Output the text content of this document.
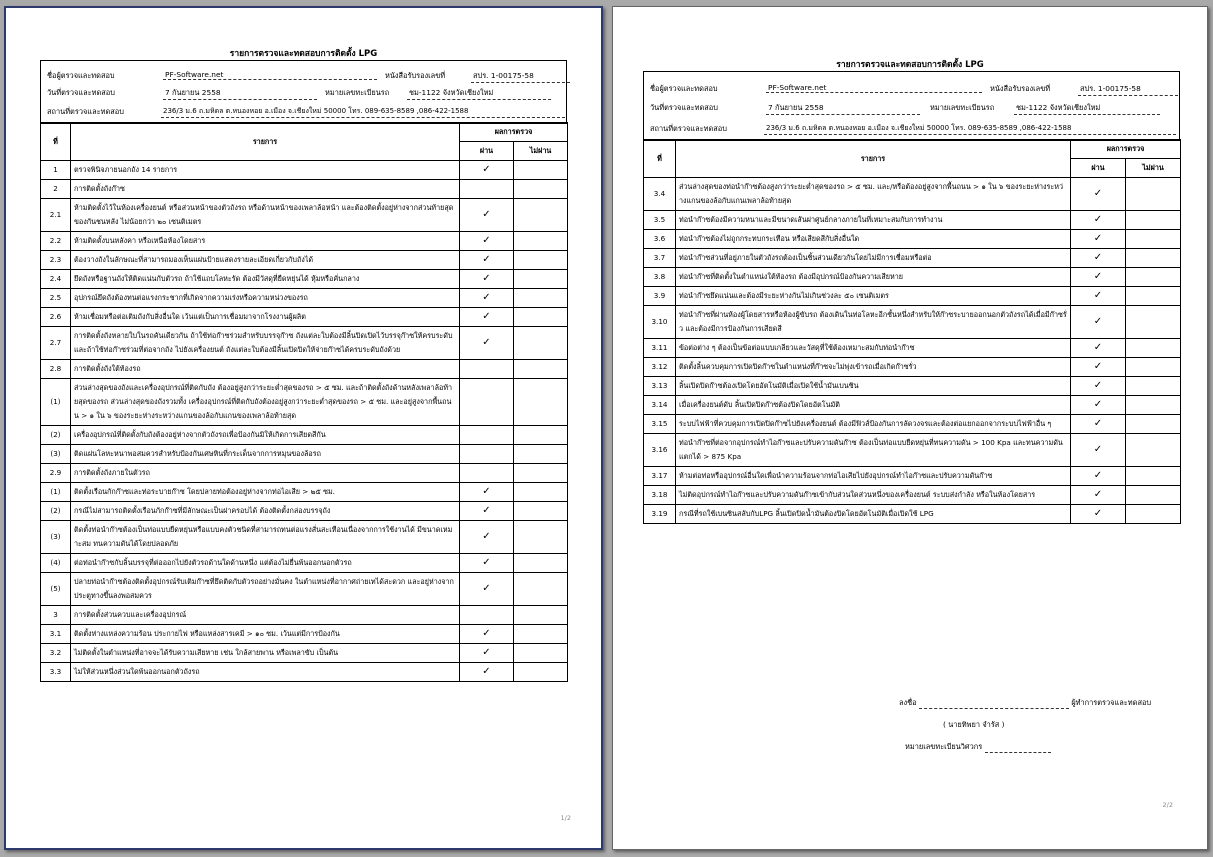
รายการตรวจและทดสอบการติดตั้ง LPG
ชื่อผู้ตรวจและทดสอบ	PF-Software.net	หนังสือรับรองเลขที่	สปร. 1-00175-58
วันที่ตรวจและทดสอบ	7 กันยายน 2558	หมายเลขทะเบียนรถ	ชม-1122 จังหวัดเชียงใหม่
สถานที่ตรวจและทดสอบ	236/3 ม.6 ถ.มหิดล ต.หนองหอย อ.เมือง จ.เชียงใหม่ 50000 โทร. 089-635-8589 ,086-422-1588
ที่	รายการ	ผลการตรวจ	
		ผ่าน	ไม่ผ่าน
1	ตรวจพินิจภายนอกถัง 14 รายการ	✓	
2	การติดตั้งถังก๊าซ		
2.1	ห้ามติดตั้งไว้ในห้องเครื่องยนต์ หรือส่วนหน้าของตัวถังรถ หรือด้านหน้าของเพลาล้อหน้า และต้องติดตั้งอยู่ห่างจากส่วนท้ายสุดของกันชนหลัง ไม่น้อยกว่า ๒๐ เซนติเมตร	✓	
2.2	ห้ามติดตั้งบนหลังคา หรือเหนือห้องโดยสาร	✓	
2.3	ต้องวางถังในลักษณะที่สามารถมองเห็นแผ่นป้ายแสดงรายละเอียดเกี่ยวกับถังได้	✓	
2.4	ยึดถังหรือฐานถังให้ติดแน่นกับตัวรถ ถ้าใช้แถบโลหะรัด ต้องมีวัสดุที่ยืดหยุ่นได้ หุ้มหรือคั่นกลาง	✓	
2.5	อุปกรณ์ยึดถังต้องทนต่อแรงกระชากที่เกิดจากความเร่งหรือความหน่วงของรถ	✓	
2.6	ห้ามเชื่อมหรือต่อเติมถังกับสิ่งอื่นใด เว้นแต่เป็นการเชื่อมมาจากโรงงานผู้ผลิต	✓	
2.7	การติดตั้งถังหลายใบในรถคันเดียวกัน ถ้าใช้ท่อก๊าซร่วมสำหรับบรรจุก๊าซ ถังแต่ละใบต้องมีลิ้นปิดเปิดไว้บรรจุก๊าซให้ครบระดับ และถ้าใช้ท่อก๊าซร่วมที่ต่อจากถัง ไปยังเครื่องยนต์ ถังแต่ละใบต้องมีลิ้นเปิดปิดให้จ่ายก๊าซได้ครบระดับถังด้วย	✓	
2.8	การติดตั้งถังใต้ท้องรถ		
(1)	ส่วนล่างสุดของถังและเครื่องอุปกรณ์ที่ติดกับถัง ต้องอยู่สูงกว่าระยะต่ำสุดของรถ > ๕ ซม. และถ้าติดตั้งถังด้านหลังเพลาล้อท้ายสุดของรถ ส่วนล่างสุดของถังรวมทั้ง เครื่องอุปกรณ์ที่ติดกับถังต้องอยู่สูงกว่าระยะต่ำสุดของรถ > ๕ ซม. และอยู่สูงจากพื้นถนน > ๑ ใน ๖ ของระยะห่างระหว่างแกนของล้อกับแกนของเพลาล้อท้ายสุด		
(2)	เครื่องอุปกรณ์ที่ติดตั้งกับถังต้องอยู่ห่างจากตัวถังรถเพื่อป้องกันมิให้เกิดการเสียดสีกัน		
(3)	ติดแผ่นโลหะหนาพอสมควรสำหรับป้องกันเศษหินที่กระเด็นจากการหมุนของล้อรถ		
2.9	การติดตั้งถังภายในตัวรถ		
(1)	ติดตั้งเรือนกักก๊าซและท่อระบายก๊าซ โดยปลายท่อต้องอยู่ห่างจากท่อไอเสีย > ๒๕ ซม.	✓	
(2)	กรณีไม่สามารถติดตั้งเรือนกักก๊าซที่มีลักษณะเป็นฝาครอบได้ ต้องติดตั้งกล่องบรรจุถัง	✓	
(3)	ติดตั้งท่อนำก๊าซต้องเป็นท่อแบบยืดหยุ่นหรือแบบคงตัวชนิดที่สามารถทนต่อแรงสั่นสะเทือนเนื่องจากการใช้งานได้ มีขนาดเหมาะสม ทนความดันได้โดยปลอดภัย	✓	
(4)	ต่อท่อนำก๊าซกับลิ้นบรรจุที่ต่อออกไปยังตัวรถด้านใดด้านหนึ่ง แต่ต้องไม่ยื่นพ้นออกนอกตัวรถ	✓	
(5)	ปลายท่อนำก๊าซต้องติดตั้งอุปกรณ์รับเติมก๊าซที่ยึดติดกับตัวรถอย่างมั่นคง ในตำแหน่งที่อากาศถ่ายเทได้สะดวก และอยู่ห่างจากประตูทางขึ้นลงพอสมควร	✓	
3	การติดตั้งส่วนควบและเครื่องอุปกรณ์		
3.1	ติดตั้งห่างแหล่งความร้อน ประกายไฟ หรือแหล่งสารเคมี > ๑๐ ซม. เว้นแต่มีการป้องกัน	✓	
3.2	ไม่ติดตั้งในตำแหน่งที่อาจจะได้รับความเสียหาย เช่น ใกล้สายพาน หรือเพลาขับ เป็นต้น	✓	
3.3	ไม่ให้ส่วนหนึ่งส่วนใดพ้นออกนอกตัวถังรถ	✓	
1/2
รายการตรวจและทดสอบการติดตั้ง LPG
ชื่อผู้ตรวจและทดสอบ	PF-Software.net	หนังสือรับรองเลขที่	สปร. 1-00175-58
วันที่ตรวจและทดสอบ	7 กันยายน 2558	หมายเลขทะเบียนรถ	ชม-1122 จังหวัดเชียงใหม่
สถานที่ตรวจและทดสอบ	236/3 ม.6 ถ.มหิดล ต.หนองหอย อ.เมือง จ.เชียงใหม่ 50000 โทร. 089-635-8589 ,086-422-1588
ที่	รายการ	ผลการตรวจ	
		ผ่าน	ไม่ผ่าน
3.4	ส่วนล่างสุดของท่อนำก๊าซต้องสูงกว่าระยะต่ำสุดของรถ > ๕ ซม. และ/หรือต้องอยู่สูงจากพื้นถนน > ๑ ใน ๖ ของระยะห่างระหว่างแกนของล้อกับแกนเพลาล้อท้ายสุด	✓	
3.5	ท่อนำก๊าซต้องมีความหนาและมีขนาดเส้นผ่าศูนย์กลางภายในที่เหมาะสมกับการทำงาน	✓	
3.6	ท่อนำก๊าซต้องไม่ถูกกระทบกระเทือน หรือเสียดสีกับสิ่งอื่นใด	✓	
3.7	ท่อนำก๊าซส่วนที่อยู่ภายในตัวถังรถต้องเป็นชิ้นส่วนเดียวกันโดยไม่มีการเชื่อมหรือต่อ	✓	
3.8	ท่อนำก๊าซที่ติดตั้งในตำแหน่งใต้ท้องรถ ต้องมีอุปกรณ์ป้องกันความเสียหาย	✓	
3.9	ท่อนำก๊าซยึดแน่นและต้องมีระยะห่างกันไม่เกินช่วงละ ๕๐ เซนติเมตร	✓	
3.10	ท่อนำก๊าซที่ผ่านห้องผู้โดยสารหรือห้องผู้ขับรถ ต้องเดินในท่อโลหะอีกชั้นหนึ่งสำหรับให้ก๊าซระบายออกนอกตัวถังรถได้เมื่อมีก๊าซรั่ว และต้องมีการป้องกันการเสียดสี	✓	
3.11	ข้อต่อต่าง ๆ ต้องเป็นข้อต่อแบบเกลียวและวัสดุที่ใช้ต้องเหมาะสมกับท่อนำก๊าซ	✓	
3.12	ติดตั้งลิ้นควบคุมการเปิดปิดก๊าซในตำแหน่งที่ก๊าซจะไม่พุ่งเข้ารถเมื่อเกิดก๊าซรั่ว	✓	
3.13	ลิ้นเปิดปิดก๊าซต้องเปิดโดยอัตโนมัติเมื่อเปิดใช้น้ำมันเบนซิน	✓	
3.14	เมื่อเครื่องยนต์ดับ ลิ้นเปิดปิดก๊าซต้องปิดโดยอัตโนมัติ	✓	
3.15	ระบบไฟฟ้าที่ควบคุมการเปิดปิดก๊าซไปยังเครื่องยนต์ ต้องมีฟิวส์ป้องกันการลัดวงจรและต้องต่อแยกออกจากระบบไฟฟ้าอื่น ๆ	✓	
3.16	ท่อนำก๊าซที่ต่อจากอุปกรณ์ทำไอก๊าซและปรับความดันก๊าซ ต้องเป็นท่อแบบยืดหยุ่นที่ทนความดัน > 100 Kpa และทนความดันแตกได้ > 875 Kpa	✓	
3.17	ห้ามต่อท่อหรืออุปกรณ์อื่นใดเพื่อนำความร้อนจากท่อไอเสียไปยังอุปกรณ์ทำไอก๊าซและปรับความดันก๊าซ	✓	
3.18	ไม่ติดอุปกรณ์ทำไอก๊าซและปรับความดันก๊าซเข้ากับส่วนใดส่วนหนึ่งของเครื่องยนต์ ระบบส่งกำลัง หรือในห้องโดยสาร	✓	
3.19	กรณีที่รถใช้เบนซินสลับกับLPG ลิ้นเปิดปิดน้ำมันต้องปิดโดยอัตโนมัติเมื่อเปิดใช้ LPG	✓	
ลงชื่อ	ผู้ทำการตรวจและทดสอบ
( นายทิพยา จำรัส )
หมายเลขทะเบียนวิศวกร
2/2
